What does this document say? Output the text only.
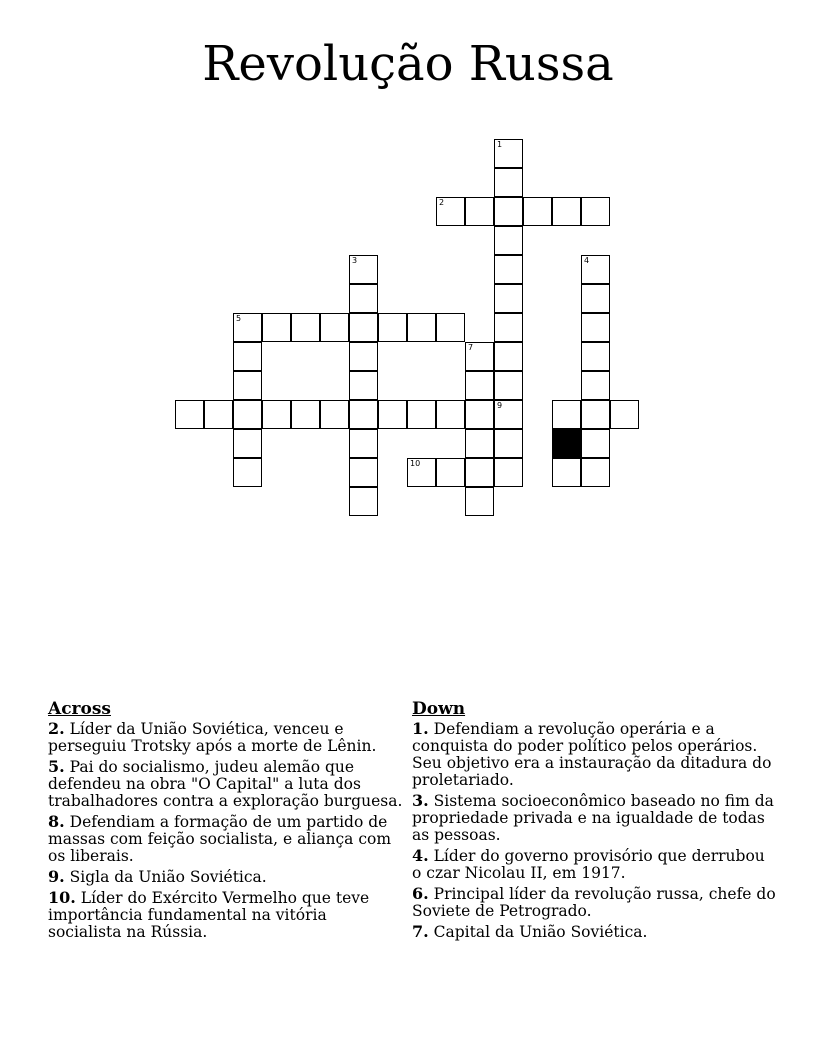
Revolução Russa
1
9
2
3	4
5
7
10
Across
2. Líder da União Soviética, venceu e perseguiu Trotsky após a morte de Lênin.
5. Pai do socialismo, judeu alemão que defendeu na obra "O Capital" a luta dos trabalhadores contra a exploração burguesa.
8. Defendiam a formação de um partido de massas com feição socialista, e aliança com os liberais.
9. Sigla da União Soviética.
10. Líder do Exército Vermelho que teve importância fundamental na vitória socialista na Rússia.
Down
1. Defendiam a revolução operária e a conquista do poder político pelos operários. Seu objetivo era a instauração da ditadura do proletariado.
3. Sistema socioeconômico baseado no fim da propriedade privada e na igualdade de todas as pessoas.
4. Líder do governo provisório que derrubou o czar Nicolau II, em 1917.
6. Principal líder da revolução russa, chefe do Soviete de Petrogrado.
7. Capital da União Soviética.
